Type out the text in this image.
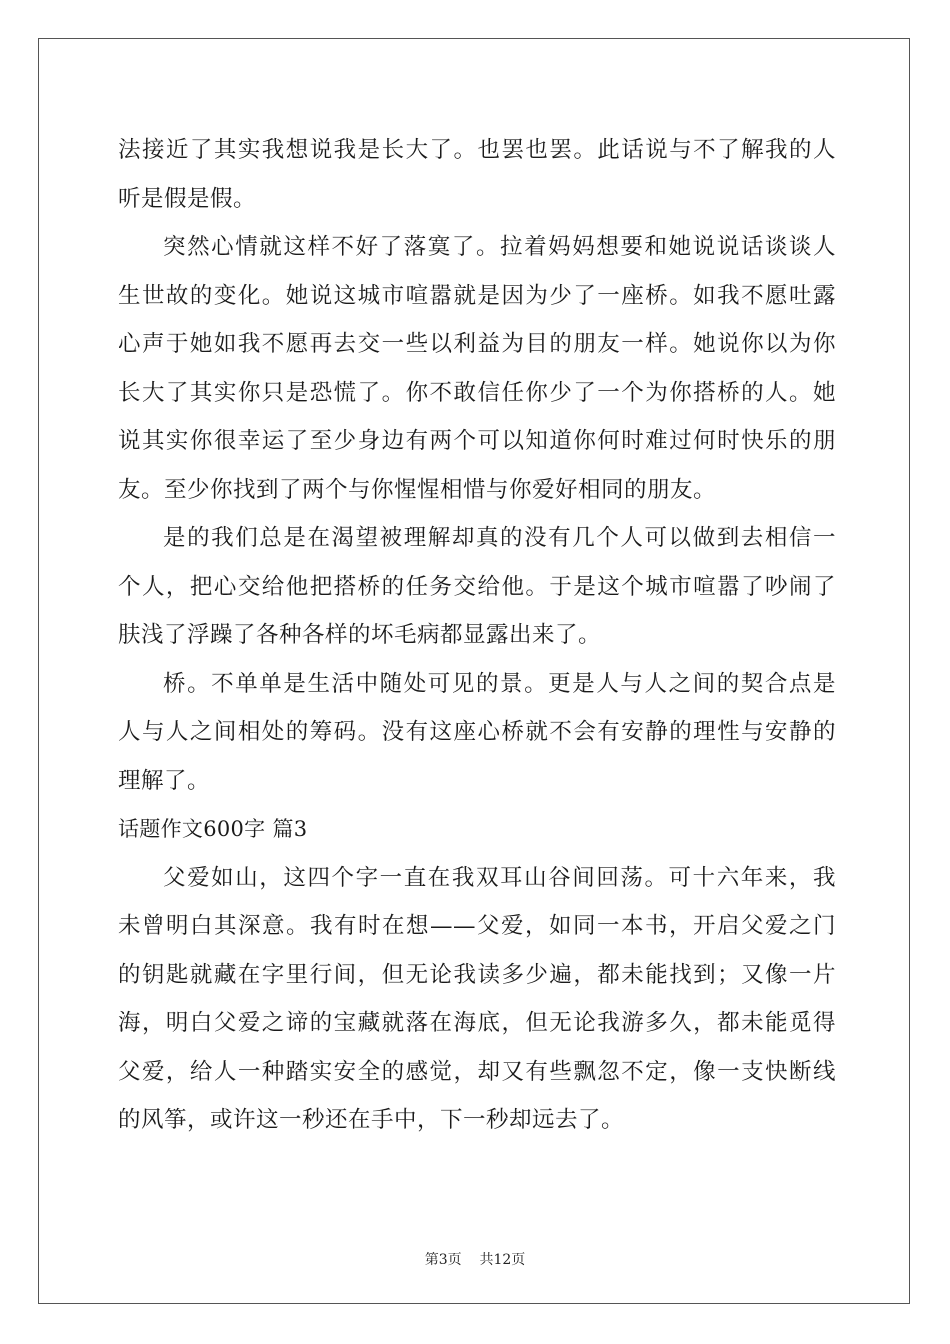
法接近了其实我想说我是长大了。也罢也罢。此话说与不了解我的人
听是假是假。
突然心情就这样不好了落寞了。拉着妈妈想要和她说说话谈谈人
生世故的变化。她说这城市喧嚣就是因为少了一座桥。如我不愿吐露
心声于她如我不愿再去交一些以利益为目的朋友一样。她说你以为你
长大了其实你只是恐慌了。你不敢信任你少了一个为你搭桥的人。她
说其实你很幸运了至少身边有两个可以知道你何时难过何时快乐的朋
友。至少你找到了两个与你惺惺相惜与你爱好相同的朋友。
是的我们总是在渴望被理解却真的没有几个人可以做到去相信一
个人，把心交给他把搭桥的任务交给他。于是这个城市喧嚣了吵闹了
肤浅了浮躁了各种各样的坏毛病都显露出来了。
桥。不单单是生活中随处可见的景。更是人与人之间的契合点是
人与人之间相处的筹码。没有这座心桥就不会有安静的理性与安静的
理解了。
话题作文600字 篇3
父爱如山，这四个字一直在我双耳山谷间回荡。可十六年来，我
未曾明白其深意。我有时在想——父爱，如同一本书，开启父爱之门
的钥匙就藏在字里行间，但无论我读多少遍，都未能找到；又像一片
海，明白父爱之谛的宝藏就落在海底，但无论我游多久，都未能觅得
父爱，给人一种踏实安全的感觉，却又有些飘忽不定，像一支快断线
的风筝，或许这一秒还在手中，下一秒却远去了。
第3页    共12页
